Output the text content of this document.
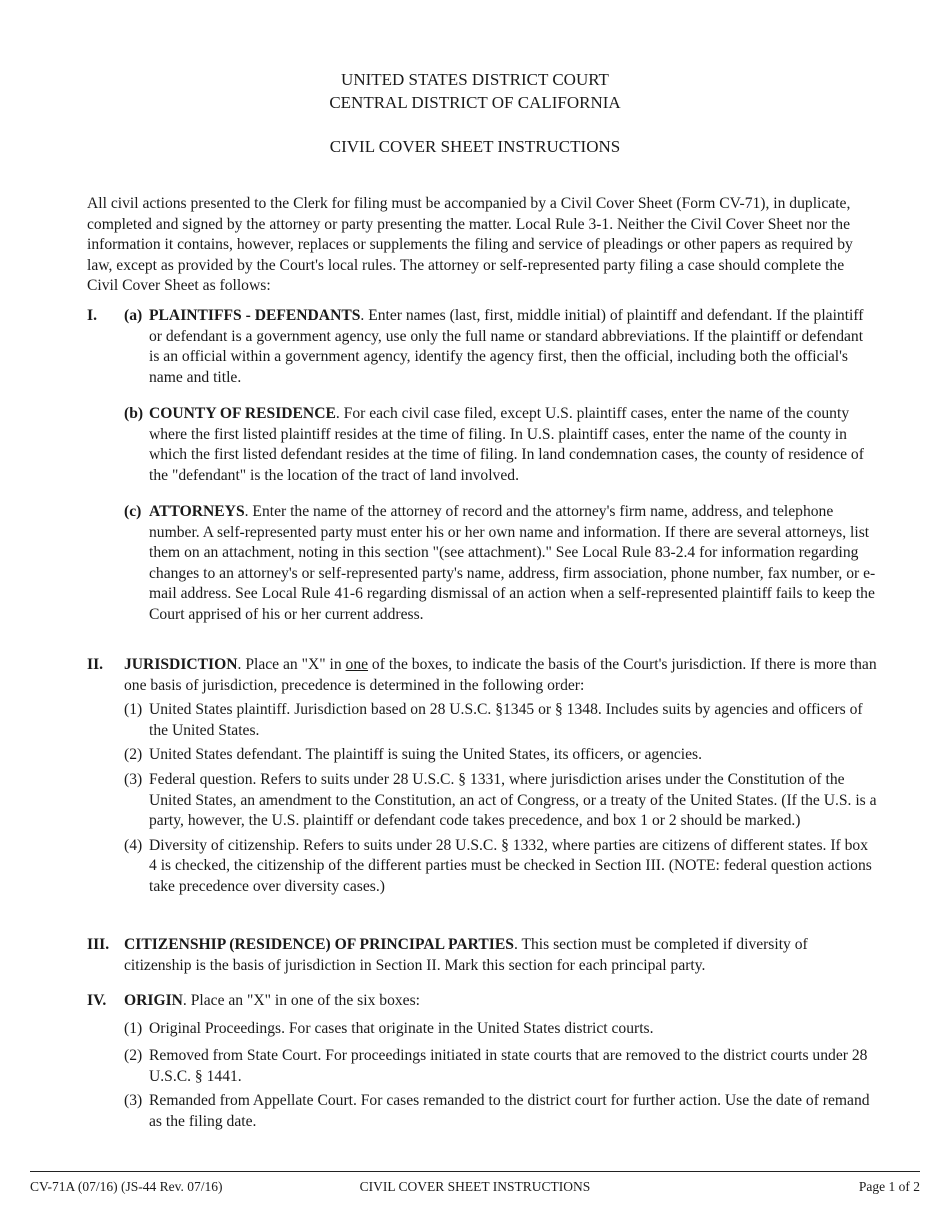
UNITED STATES DISTRICT COURT
CENTRAL DISTRICT OF CALIFORNIA
CIVIL COVER SHEET INSTRUCTIONS
All civil actions presented to the Clerk for filing must be accompanied by a Civil Cover Sheet (Form CV-71), in duplicate, completed and signed by the attorney or party presenting the matter. Local Rule 3-1. Neither the Civil Cover Sheet nor the information it contains, however, replaces or supplements the filing and service of pleadings or other papers as required by law, except as provided by the Court's local rules. The attorney or self-represented party filing a case should complete the Civil Cover Sheet as follows:
I. (a) PLAINTIFFS - DEFENDANTS. Enter names (last, first, middle initial) of plaintiff and defendant. If the plaintiff or defendant is a government agency, use only the full name or standard abbreviations. If the plaintiff or defendant is an official within a government agency, identify the agency first, then the official, including both the official's name and title.
(b) COUNTY OF RESIDENCE. For each civil case filed, except U.S. plaintiff cases, enter the name of the county where the first listed plaintiff resides at the time of filing. In U.S. plaintiff cases, enter the name of the county in which the first listed defendant resides at the time of filing. In land condemnation cases, the county of residence of the "defendant" is the location of the tract of land involved.
(c) ATTORNEYS. Enter the name of the attorney of record and the attorney's firm name, address, and telephone number. A self-represented party must enter his or her own name and information. If there are several attorneys, list them on an attachment, noting in this section "(see attachment)." See Local Rule 83-2.4 for information regarding changes to an attorney's or self-represented party's name, address, firm association, phone number, fax number, or e-mail address. See Local Rule 41-6 regarding dismissal of an action when a self-represented plaintiff fails to keep the Court apprised of his or her current address.
II. JURISDICTION. Place an "X" in one of the boxes, to indicate the basis of the Court's jurisdiction. If there is more than one basis of jurisdiction, precedence is determined in the following order:
(1) United States plaintiff. Jurisdiction based on 28 U.S.C. §1345 or § 1348. Includes suits by agencies and officers of the United States.
(2) United States defendant. The plaintiff is suing the United States, its officers, or agencies.
(3) Federal question. Refers to suits under 28 U.S.C. § 1331, where jurisdiction arises under the Constitution of the United States, an amendment to the Constitution, an act of Congress, or a treaty of the United States. (If the U.S. is a party, however, the U.S. plaintiff or defendant code takes precedence, and box 1 or 2 should be marked.)
(4) Diversity of citizenship. Refers to suits under 28 U.S.C. § 1332, where parties are citizens of different states. If box 4 is checked, the citizenship of the different parties must be checked in Section III. (NOTE: federal question actions take precedence over diversity cases.)
III. CITIZENSHIP (RESIDENCE) OF PRINCIPAL PARTIES. This section must be completed if diversity of citizenship is the basis of jurisdiction in Section II. Mark this section for each principal party.
IV. ORIGIN. Place an "X" in one of the six boxes:
(1) Original Proceedings. For cases that originate in the United States district courts.
(2) Removed from State Court. For proceedings initiated in state courts that are removed to the district courts under 28 U.S.C. § 1441.
(3) Remanded from Appellate Court. For cases remanded to the district court for further action. Use the date of remand as the filing date.
CV-71A (07/16) (JS-44 Rev. 07/16)	CIVIL COVER SHEET INSTRUCTIONS	Page 1 of 2
